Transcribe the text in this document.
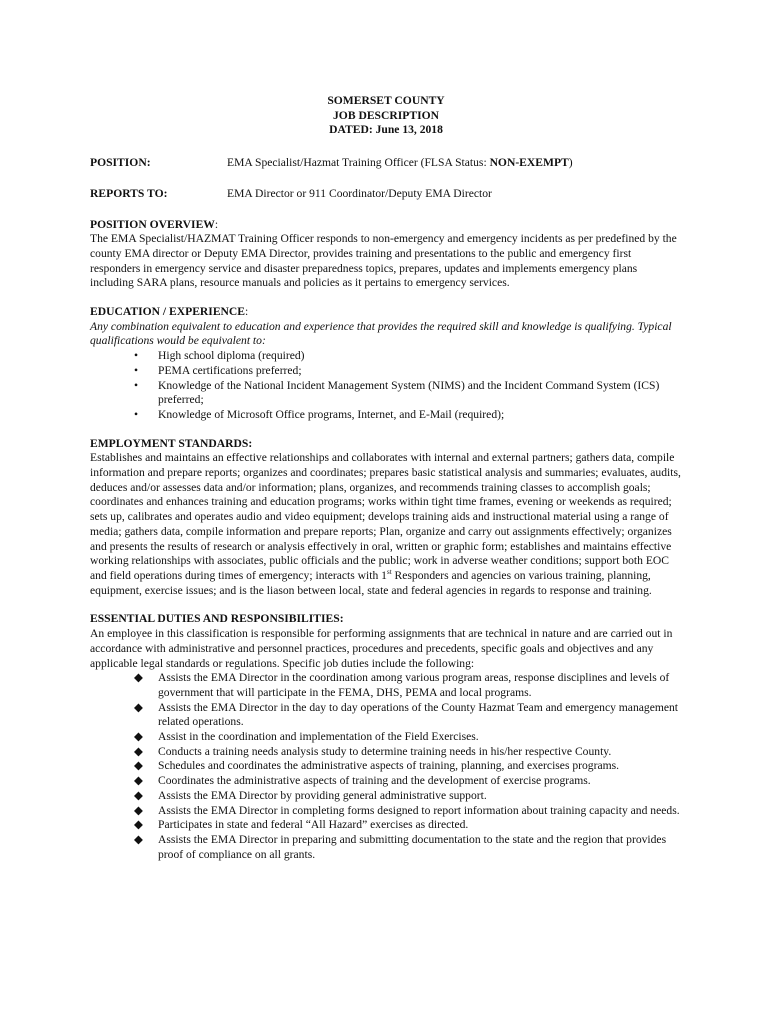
SOMERSET COUNTY
JOB DESCRIPTION
DATED: June 13, 2018
POSITION:	EMA Specialist/Hazmat Training Officer (FLSA Status: NON-EXEMPT)
REPORTS TO:	EMA Director or 911 Coordinator/Deputy EMA Director
POSITION OVERVIEW:

The EMA Specialist/HAZMAT Training Officer responds to non-emergency and emergency incidents as per predefined by the county EMA director or Deputy EMA Director, provides training and presentations to the public and emergency first responders in emergency service and disaster preparedness topics, prepares, updates and implements emergency plans including SARA plans, resource manuals and policies as it pertains to emergency services.

EDUCATION / EXPERIENCE:

Any combination equivalent to education and experience that provides the required skill and knowledge is qualifying. Typical qualifications would be equivalent to:

•	High school diploma (required)
•	PEMA certifications preferred;
•	Knowledge of the National Incident Management System (NIMS) and the Incident Command System (ICS) preferred;
•	Knowledge of Microsoft Office programs, Internet, and E-Mail (required);
EMPLOYMENT STANDARDS:

Establishes and maintains an effective relationships and collaborates with internal and external partners; gathers data, compile information and prepare reports; organizes and coordinates; prepares basic statistical analysis and summaries; evaluates, audits, deduces and/or assesses data and/or information; plans, organizes, and recommends training classes to accomplish goals; coordinates and enhances training and education programs; works within tight time frames, evening or weekends as required; sets up, calibrates and operates audio and video equipment; develops training aids and instructional material using a range of media; gathers data, compile information and prepare reports; Plan, organize and carry out assignments effectively; organizes and presents the results of research or analysis effectively in oral, written or graphic form; establishes and maintains effective working relationships with associates, public officials and the public; work in adverse weather conditions; support both EOC and field operations during times of emergency; interacts with 1st Responders and agencies on various training, planning, equipment, exercise issues; and is the liason between local, state and federal agencies in regards to response and training.

ESSENTIAL DUTIES AND RESPONSIBILITIES:

An employee in this classification is responsible for performing assignments that are technical in nature and are carried out in accordance with administrative and personnel practices, procedures and precedents, specific goals and objectives and any applicable legal standards or regulations. Specific job duties include the following:

◆	Assists the EMA Director in the coordination among various program areas, response disciplines and levels of government that will participate in the FEMA, DHS, PEMA and local programs.
◆	Assists the EMA Director in the day to day operations of the County Hazmat Team and emergency management related operations.
◆	Assist in the coordination and implementation of the Field Exercises.
◆	Conducts a training needs analysis study to determine training needs in his/her respective County.
◆	Schedules and coordinates the administrative aspects of training, planning, and exercises programs.
◆	Coordinates the administrative aspects of training and the development of exercise programs.
◆	Assists the EMA Director by providing general administrative support.
◆	Assists the EMA Director in completing forms designed to report information about training capacity and needs.
◆	Participates in state and federal “All Hazard” exercises as directed.
◆	Assists the EMA Director in preparing and submitting documentation to the state and the region that provides proof of compliance on all grants.
